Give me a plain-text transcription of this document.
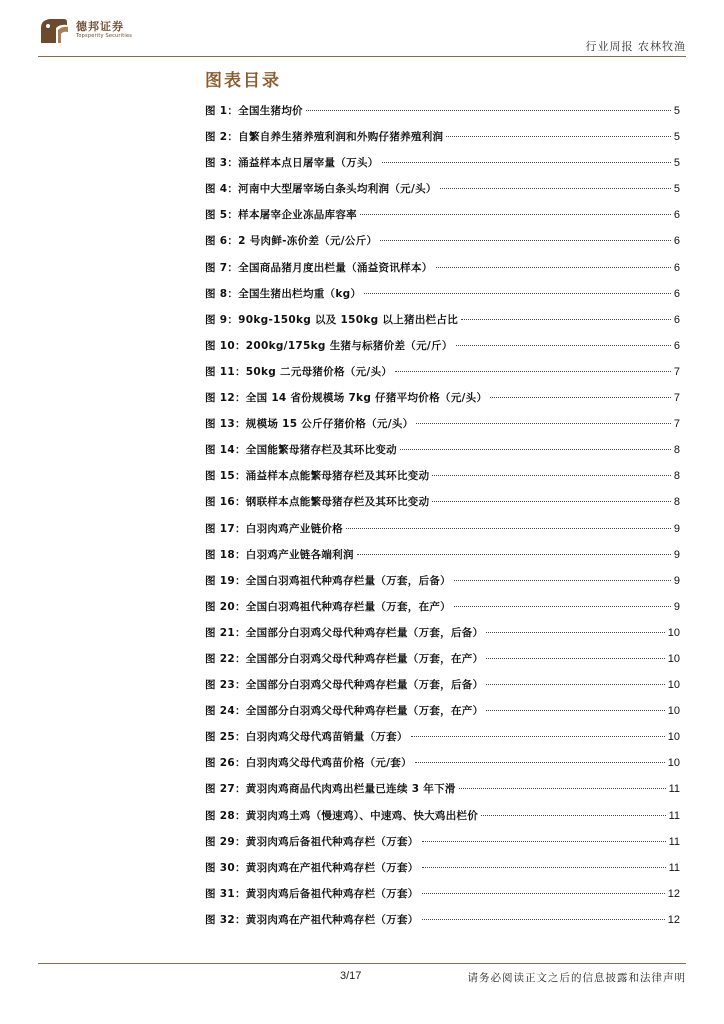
德邦证券
Topsperity Securities
行业周报 农林牧渔
图表目录
图 1：全国生猪均价	5
图 2：自繁自养生猪养殖利润和外购仔猪养殖利润	5
图 3：涌益样本点日屠宰量（万头）	5
图 4：河南中大型屠宰场白条头均利润（元/头）	5
图 5：样本屠宰企业冻品库容率	6
图 6：2 号肉鲜-冻价差（元/公斤）	6
图 7：全国商品猪月度出栏量（涌益资讯样本）	6
图 8：全国生猪出栏均重（kg）	6
图 9：90kg-150kg 以及 150kg 以上猪出栏占比	6
图 10：200kg/175kg 生猪与标猪价差（元/斤）	6
图 11：50kg 二元母猪价格（元/头）	7
图 12：全国 14 省份规模场 7kg 仔猪平均价格（元/头）	7
图 13：规模场 15 公斤仔猪价格（元/头）	7
图 14：全国能繁母猪存栏及其环比变动	8
图 15：涌益样本点能繁母猪存栏及其环比变动	8
图 16：钢联样本点能繁母猪存栏及其环比变动	8
图 17：白羽肉鸡产业链价格	9
图 18：白羽鸡产业链各端利润	9
图 19：全国白羽鸡祖代种鸡存栏量（万套，后备）	9
图 20：全国白羽鸡祖代种鸡存栏量（万套，在产）	9
图 21：全国部分白羽鸡父母代种鸡存栏量（万套，后备）	10
图 22：全国部分白羽鸡父母代种鸡存栏量（万套，在产）	10
图 23：全国部分白羽鸡父母代种鸡存栏量（万套，后备）	10
图 24：全国部分白羽鸡父母代种鸡存栏量（万套，在产）	10
图 25：白羽肉鸡父母代鸡苗销量（万套）	10
图 26：白羽肉鸡父母代鸡苗价格（元/套）	10
图 27：黄羽肉鸡商品代肉鸡出栏量已连续 3 年下滑	11
图 28：黄羽肉鸡土鸡（慢速鸡）、中速鸡、快大鸡出栏价	11
图 29：黄羽肉鸡后备祖代种鸡存栏（万套）	11
图 30：黄羽肉鸡在产祖代种鸡存栏（万套）	11
图 31：黄羽肉鸡后备祖代种鸡存栏（万套）	12
图 32：黄羽肉鸡在产祖代种鸡存栏（万套）	12
3/17	请务必阅读正文之后的信息披露和法律声明
